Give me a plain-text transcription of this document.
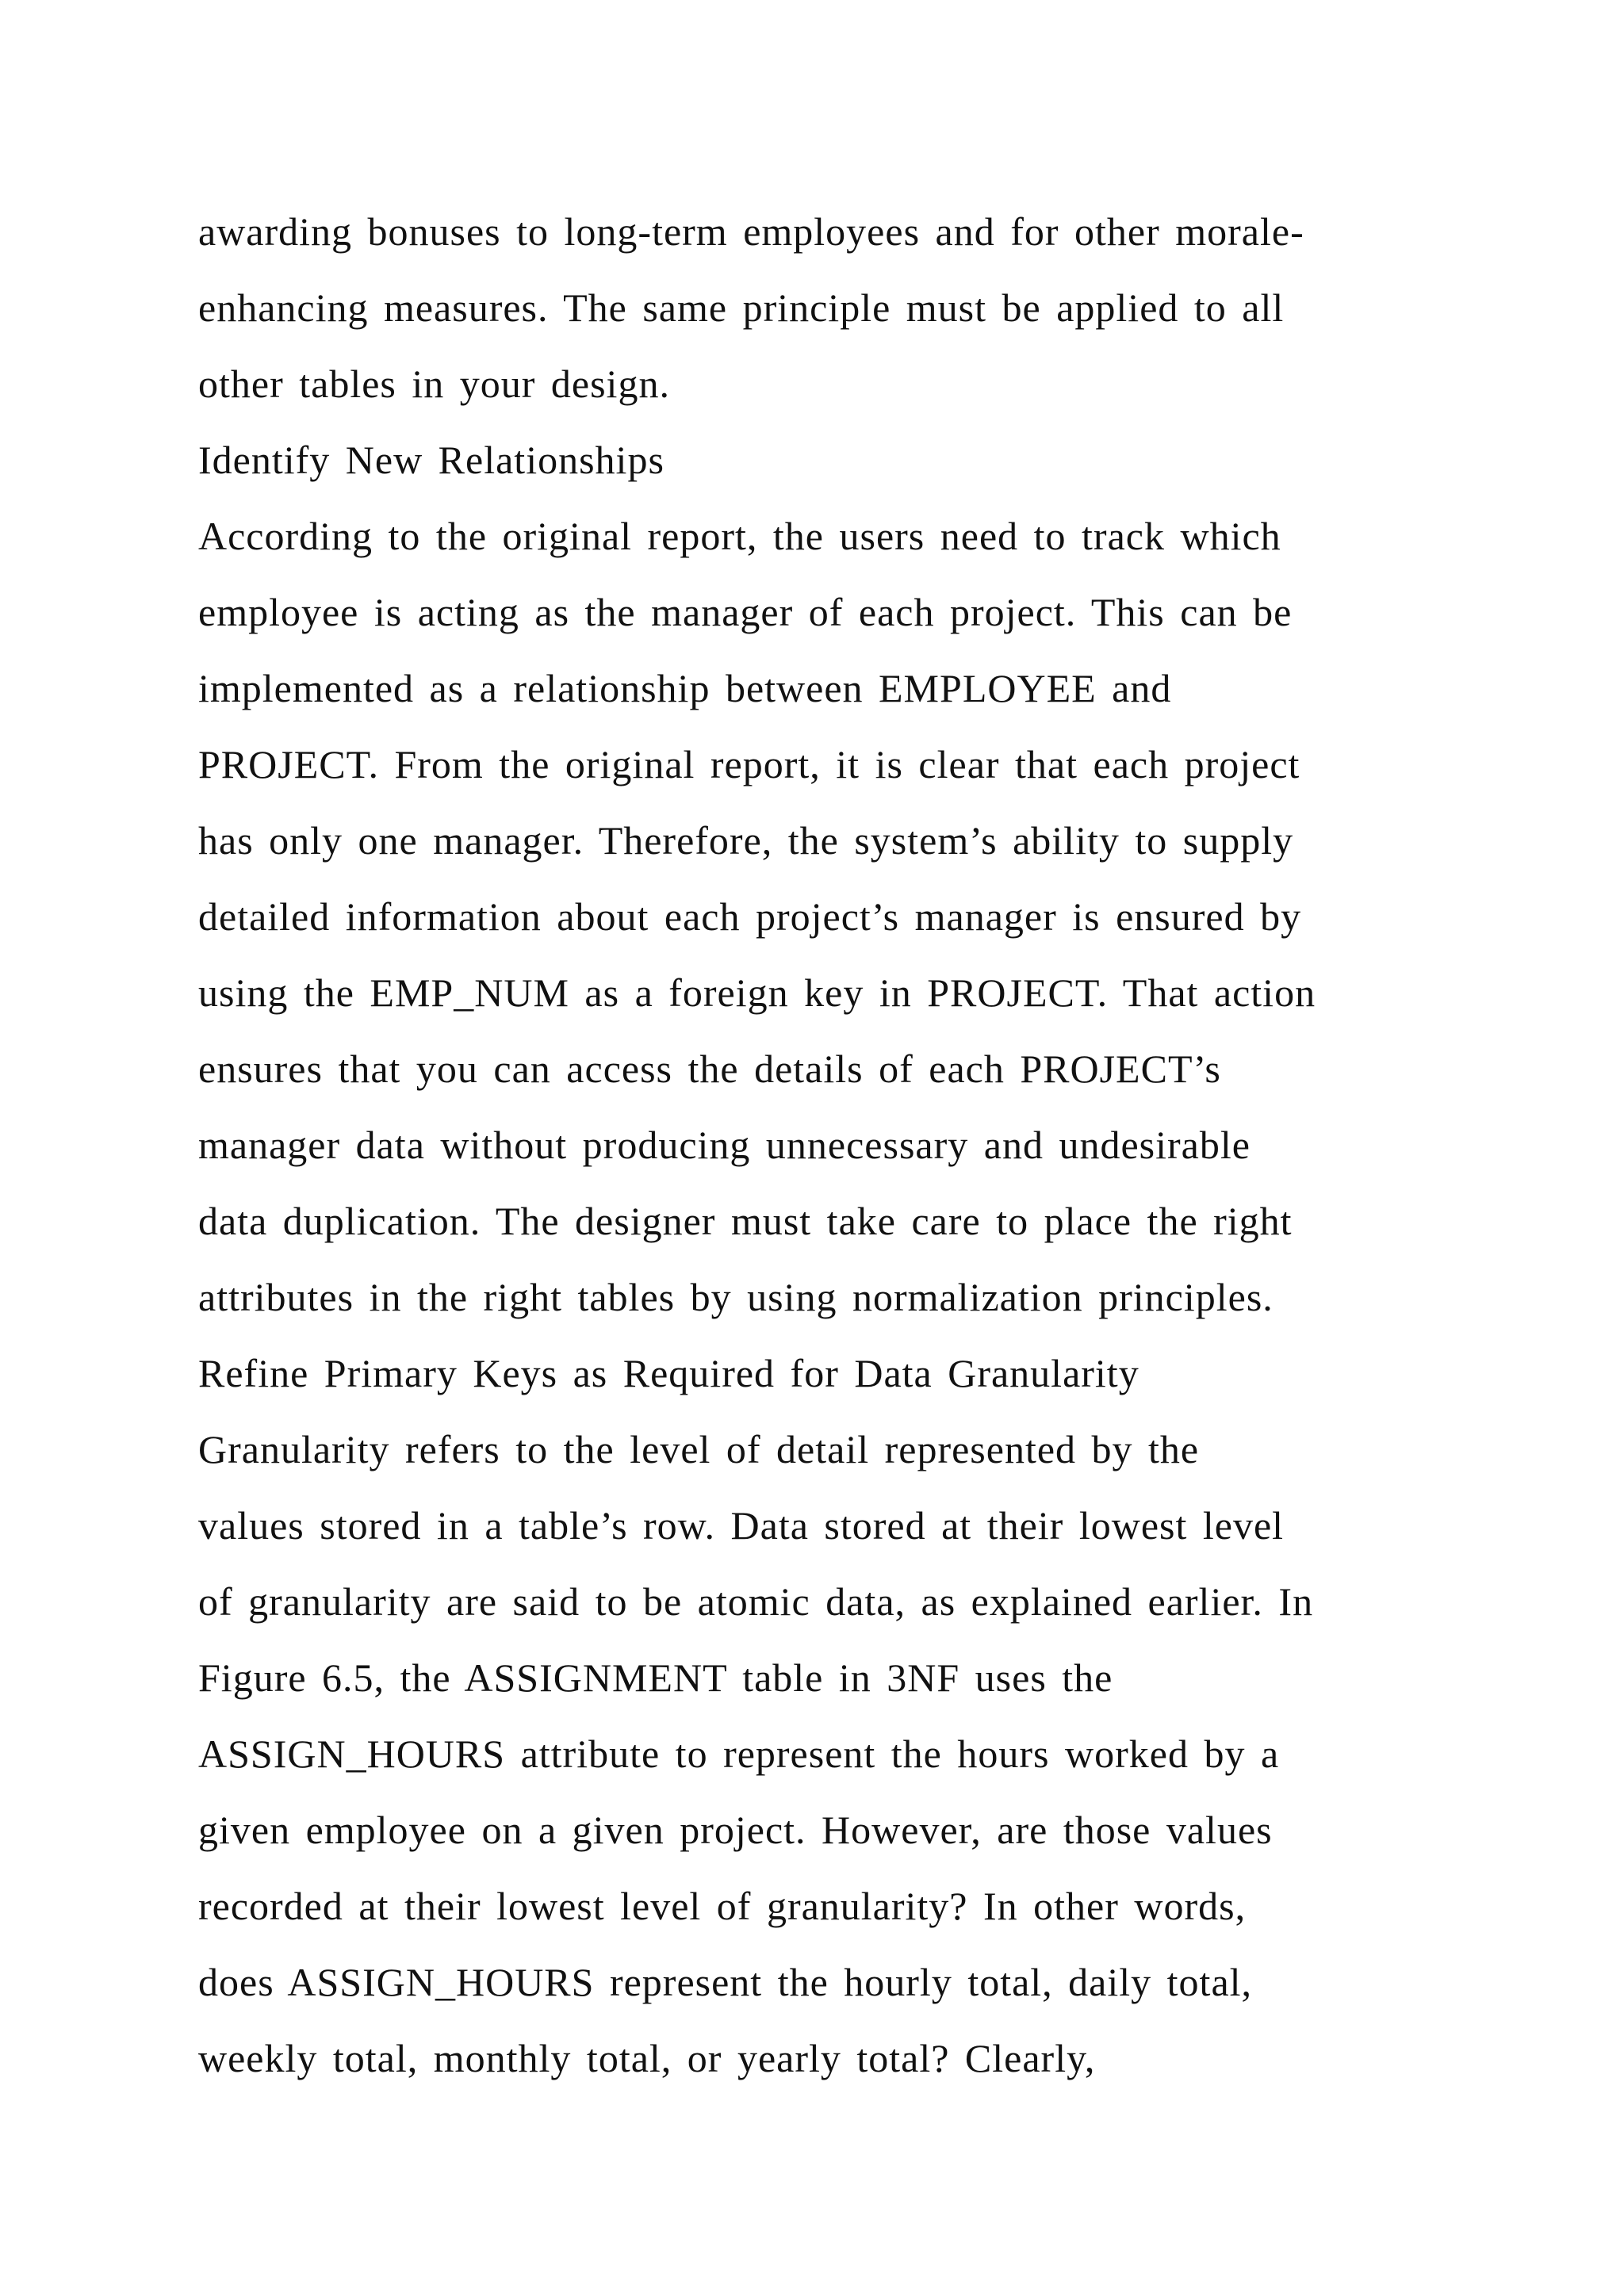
awarding bonuses to long-term employees and for other morale-
enhancing measures. The same principle must be applied to all
other tables in your design.
Identify New Relationships
According to the original report, the users need to track which
employee is acting as the manager of each project. This can be
implemented as a relationship between EMPLOYEE and
PROJECT. From the original report, it is clear that each project
has only one manager. Therefore, the system’s ability to supply
detailed information about each project’s manager is ensured by
using the EMP_NUM as a foreign key in PROJECT. That action
ensures that you can access the details of each PROJECT’s
manager data without producing unnecessary and undesirable
data duplication. The designer must take care to place the right
attributes in the right tables by using normalization principles.
Refine Primary Keys as Required for Data Granularity
Granularity refers to the level of detail represented by the
values stored in a table’s row. Data stored at their lowest level
of granularity are said to be atomic data, as explained earlier. In
Figure 6.5, the ASSIGNMENT table in 3NF uses the
ASSIGN_HOURS attribute to represent the hours worked by a
given employee on a given project. However, are those values
recorded at their lowest level of granularity? In other words,
does ASSIGN_HOURS represent the hourly total, daily total,
weekly total, monthly total, or yearly total? Clearly,
